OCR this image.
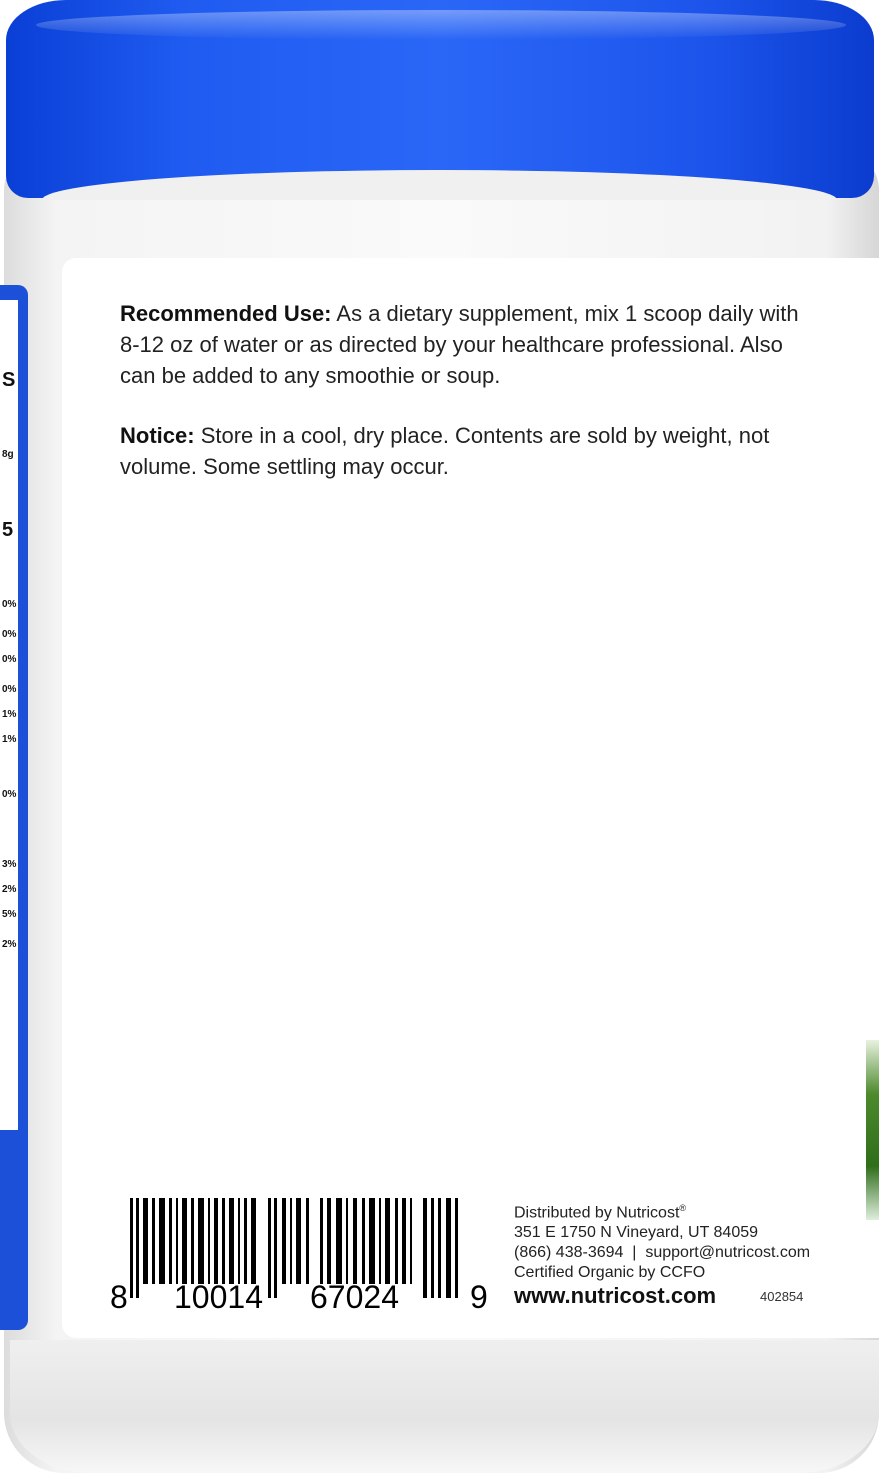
S
5
8g
0%
0%
0%
0%
1%
1%
0%
3%
2%
5%
2%
Recommended Use: As a dietary supplement, mix 1 scoop daily with 8-12 oz of water or as directed by your healthcare professional. Also can be added to any smoothie or soup.
Notice: Store in a cool, dry place. Contents are sold by weight, not volume. Some settling may occur.
8 10014 67024 9
Distributed by Nutricost®
351 E 1750 N Vineyard, UT 84059
(866) 438-3694  |  support@nutricost.com
Certified Organic by CCFO
www.nutricost.com	402854
